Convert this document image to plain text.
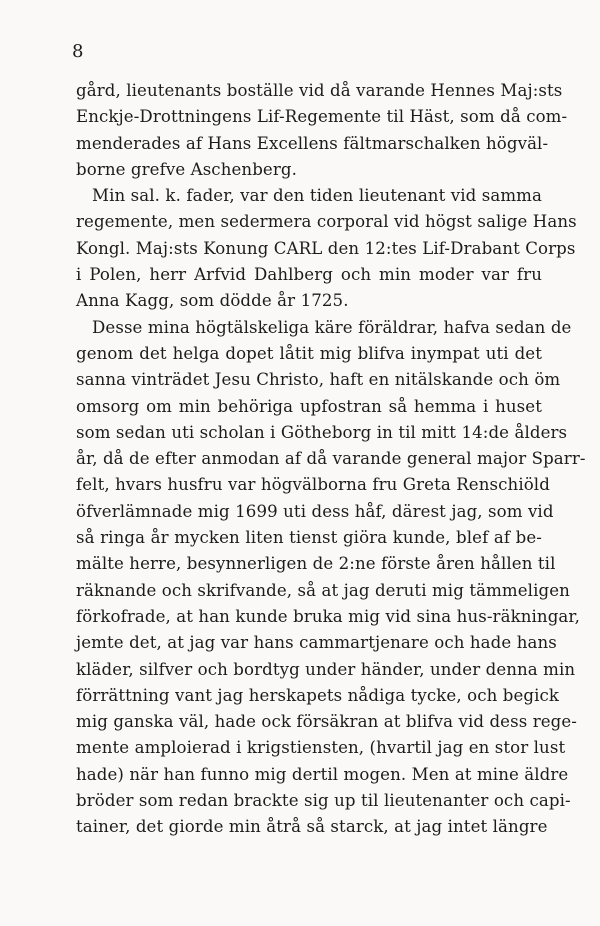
8
gård, lieutenants boställe vid då varande Hennes Maj:sts
Enckje-Drottningens Lif-Regemente til Häst, som då com-
menderades af Hans Excellens fältmarschalken högväl-
borne grefve Aschenberg.
Min sal. k. fader, var den tiden lieutenant vid samma
regemente, men sedermera corporal vid högst salige Hans
Kongl. Maj:sts Konung CARL den 12:tes Lif-Drabant Corps
i Polen, herr Arfvid Dahlberg och min moder var fru
Anna Kagg, som dödde år 1725.
Desse mina högtälskeliga käre föräldrar, hafva sedan de
genom det helga dopet låtit mig blifva inympat uti det
sanna vinträdet Jesu Christo, haft en nitälskande och öm
omsorg om min behöriga upfostran så hemma i huset
som sedan uti scholan i Götheborg in til mitt 14:de ålders
år, då de efter anmodan af då varande general major Sparr-
felt, hvars husfru var högvälborna fru Greta Renschiöld
öfverlämnade mig 1699 uti dess håf, därest jag, som vid
så ringa år mycken liten tienst giöra kunde, blef af be-
mälte herre, besynnerligen de 2:ne förste åren hållen til
räknande och skrifvande, så at jag deruti mig tämmeligen
förkofrade, at han kunde bruka mig vid sina hus-räkningar,
jemte det, at jag var hans cammartjenare och hade hans
kläder, silfver och bordtyg under händer, under denna min
förrättning vant jag herskapets nådiga tycke, och begick
mig ganska väl, hade ock försäkran at blifva vid dess rege-
mente amploierad i krigstiensten, (hvartil jag en stor lust
hade) när han funno mig dertil mogen. Men at mine äldre
bröder som redan brackte sig up til lieutenanter och capi-
tainer, det giorde min åtrå så starck, at jag intet längre
